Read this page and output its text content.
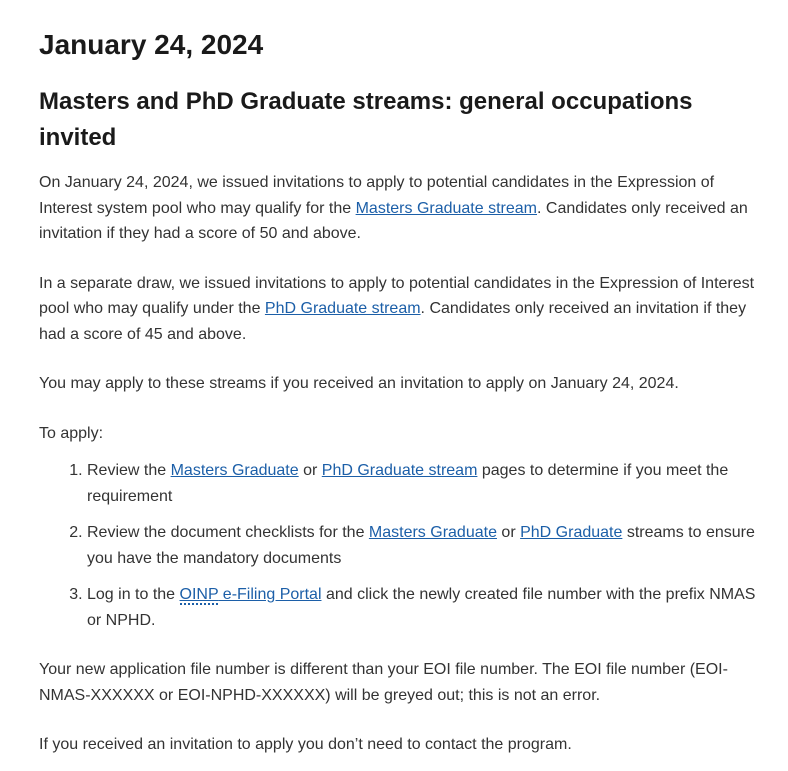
January 24, 2024
Masters and PhD Graduate streams: general occupations invited

On January 24, 2024, we issued invitations to apply to potential candidates in the Expression of Interest system pool who may qualify for the Masters Graduate stream. Candidates only received an invitation if they had a score of 50 and above.

In a separate draw, we issued invitations to apply to potential candidates in the Expression of Interest pool who may qualify under the PhD Graduate stream. Candidates only received an invitation if they had a score of 45 and above.

You may apply to these streams if you received an invitation to apply on January 24, 2024.

To apply:

1. Review the Masters Graduate or PhD Graduate stream pages to determine if you meet the requirement
2. Review the document checklists for the Masters Graduate or PhD Graduate streams to ensure you have the mandatory documents
3. Log in to the OINP e-Filing Portal and click the newly created file number with the prefix NMAS or NPHD.

Your new application file number is different than your EOI file number. The EOI file number (EOI-NMAS-XXXXXX or EOI-NPHD-XXXXXX) will be greyed out; this is not an error.

If you received an invitation to apply you don’t need to contact the program.
